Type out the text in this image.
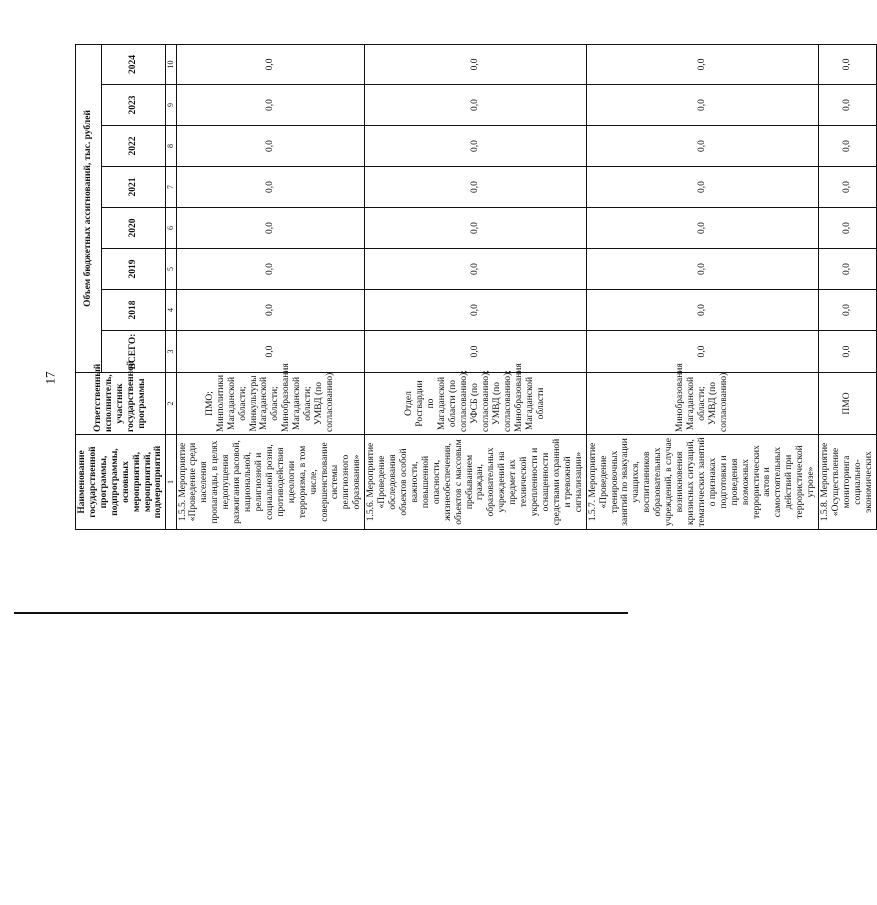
17
Наименование государственной программы, подпрограммы, основных мероприятий, мероприятий, подмероприятий	Ответственный исполнитель, участник государственной программы	Объем бюджетных ассигнований, тыс. рублей							
		ВСЕГО:	2018	2019	2020	2021	2022	2023	2024
1	2	3	4	5	6	7	8	9	10
1.5.5. Мероприятие «Проведение среди населения пропаганды, в целях недопущения разжигания расовой, национальной, религиозной и социальной розни, противодействия идеологии терроризма, в том числе, совершенствование системы религиозного образования»	ПМО; Минполитики Магаданской области; Минкультуры Магаданской области; Минобразования Магаданской области; УМВД (по согласованию)	0,0	0,0	0,0	0,0	0,0	0,0	0,0	0,0
1.5.6. Мероприятие «Проведение обследования объектов особой важности, повышенной опасности, жизнеобеспечения, объектов с массовым пребыванием граждан, образовательных учреждений на предмет их технической укрепленности и оснащенности средствами охранной и тревожной сигнализации»	Отдел Росгвардии по Магаданской области (по согласованию); УФСБ (по согласованию); УМВД (по согласованию); Минобразования Магаданской области	0,0	0,0	0,0	0,0	0,0	0,0	0,0	0,0
1.5.7. Мероприятие «Проведение тренировочных занятий по эвакуации учащихся, воспитанников образовательных учреждений, в случае возникновения кризисных ситуаций, тематических занятий о признаках подготовки и проведения возможных террористических актов и самостоятельных действий при террористической угрозе»	Минобразования Магаданской области; УМВД (по согласованию)	0,0	0,0	0,0	0,0	0,0	0,0	0,0	0,0
1.5.8. Мероприятие «Осуществление мониторинга социально-экономических	ПМО	0,0	0,0	0,0	0,0	0,0	0,0	0,0	0,0
